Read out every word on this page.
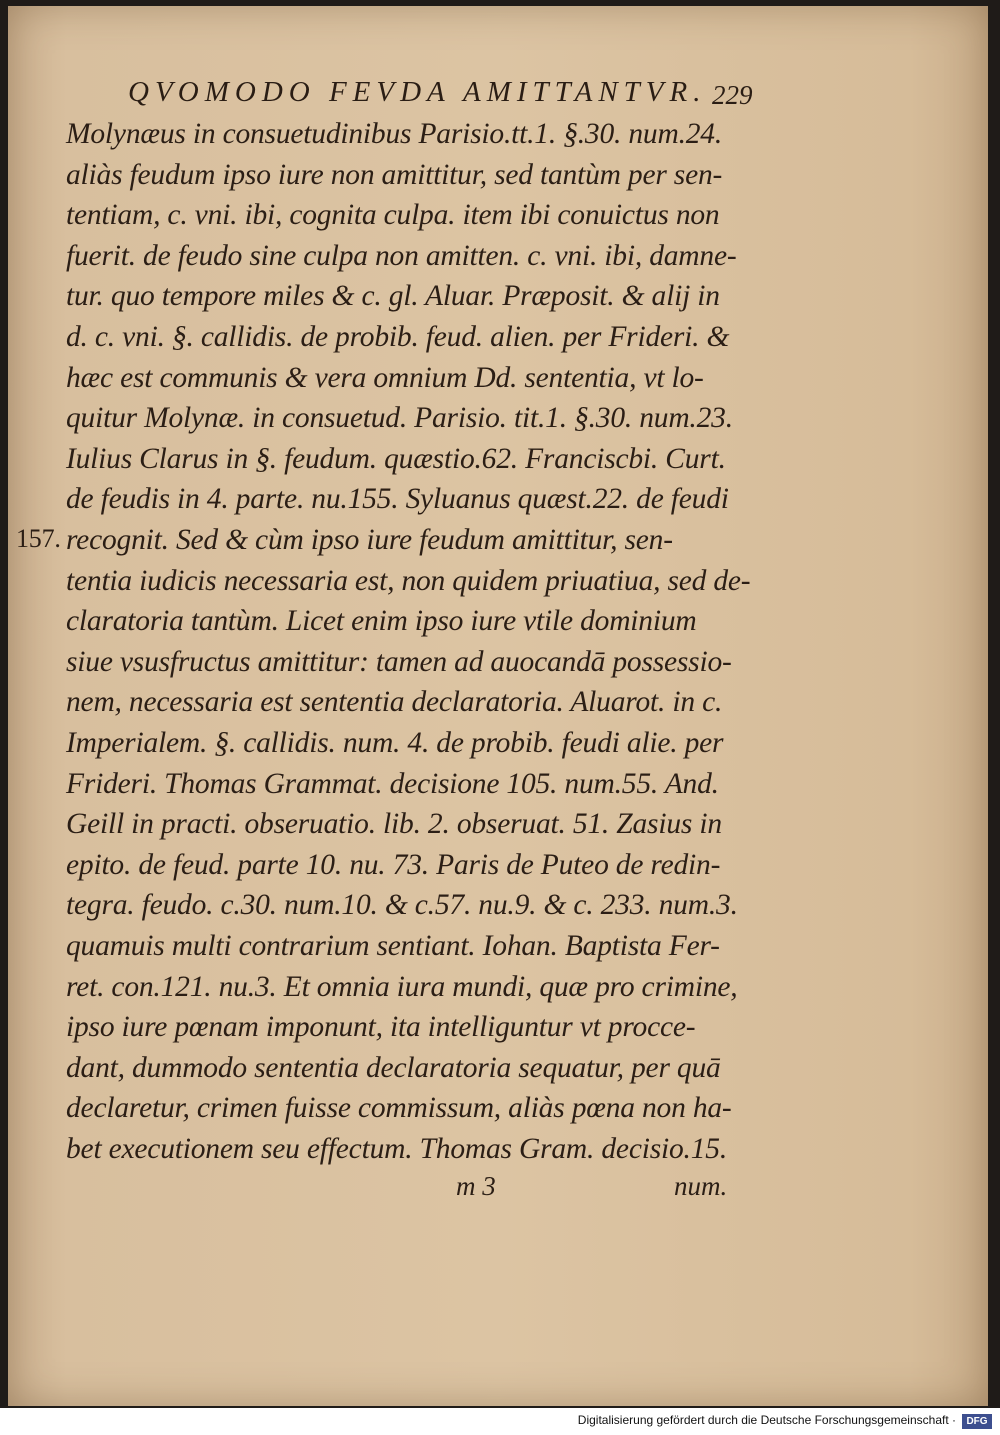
QVOMODO FEVDA AMITTANTVR. 229
Molynæus in consuetudinibus Parisio.tt.1. §.30. num.24.
aliàs feudum ipso iure non amittitur, sed tantùm per sen-
tentiam, c. vni. ibi, cognita culpa. item ibi conuictus non
fuerit. de feudo sine culpa non amitten. c. vni. ibi, damne-
tur. quo tempore miles & c. gl. Aluar. Præposit. & alij in
d. c. vni. §. callidis. de probib. feud. alien. per Frideri. &
hæc est communis & vera omnium Dd. sententia, vt lo-
quitur Molynæ. in consuetud. Parisio. tit.1. §.30. num.23.
Iulius Clarus in §. feudum. quæstio.62. Franciscbi. Curt.
de feudis in 4. parte. nu.155. Syluanus quæst.22. de feudi
157. recognit. Sed & cùm ipso iure feudum amittitur, sen-
tentia iudicis necessaria est, non quidem priuatiua, sed de-
claratoria tantùm. Licet enim ipso iure vtile dominium
siue vsusfructus amittitur: tamen ad auocandā possessio-
nem, necessaria est sententia declaratoria. Aluarot. in c.
Imperialem. §. callidis. num. 4. de probib. feudi alie. per
Frideri. Thomas Grammat. decisione 105. num.55. And.
Geill in practi. obseruatio. lib. 2. obseruat. 51. Zasius in
epito. de feud. parte 10. nu. 73. Paris de Puteo de redin-
tegra. feudo. c.30. num.10. & c.57. nu.9. & c. 233. num.3.
quamuis multi contrarium sentiant. Iohan. Baptista Fer-
ret. con.121. nu.3. Et omnia iura mundi, quæ pro crimine,
ipso iure pœnam imponunt, ita intelliguntur vt procce-
dant, dummodo sententia declaratoria sequatur, per quā
declaretur, crimen fuisse commissum, aliàs pœna non ha-
bet executionem seu effectum. Thomas Gram. decisio.15.
m 3	num.
Digitalisierung gefördert durch die Deutsche Forschungsgemeinschaft ·	DFG
